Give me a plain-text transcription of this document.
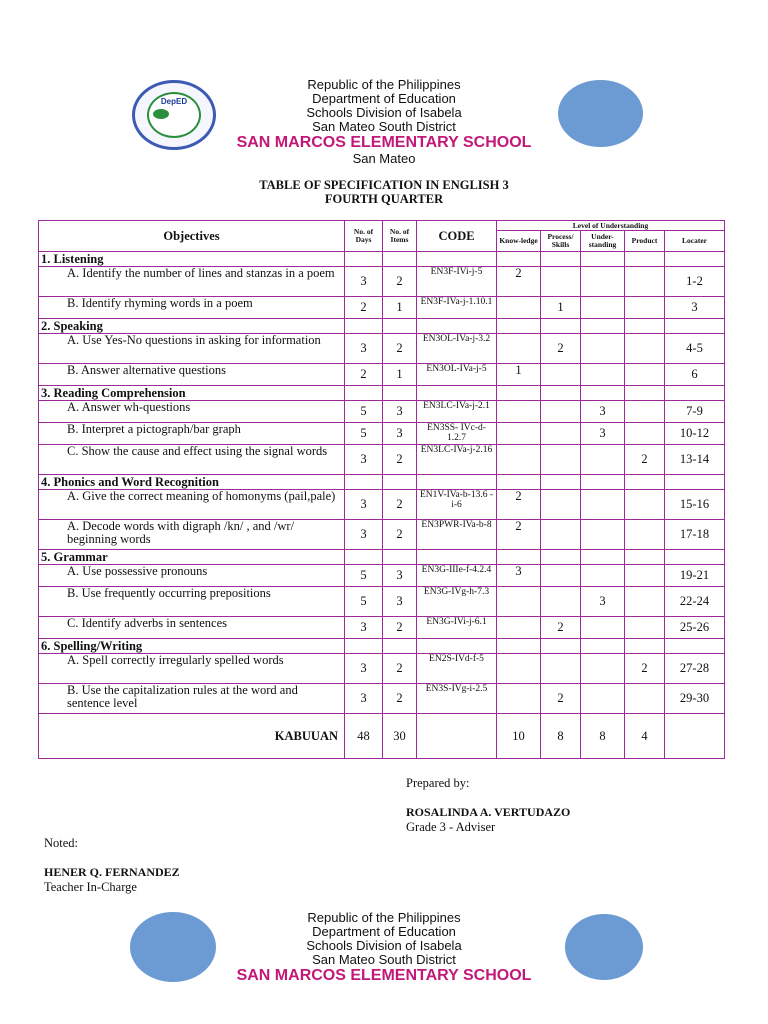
DepED
Republic of the Philippines
Department of Education
Schools Division of Isabela
San Mateo South District
SAN MARCOS ELEMENTARY SCHOOL
San Mateo
TABLE OF SPECIFICATION IN ENGLISH 3
FOURTH QUARTER
Objectives	No. of Days	No. of Items	CODE	Level of Understanding				
				Know-ledge	Process/ Skills	Under-standing	Product	Locater
1. Listening								
A. Identify the number of lines and stanzas in a poem	3	2	EN3F-IVi-j-5	2				1-2
B. Identify rhyming words in a poem	2	1	EN3F-IVa-j-1.10.1		1			3
2. Speaking								
A. Use Yes-No questions in asking for information	3	2	EN3OL-IVa-j-3.2		2			4-5
B. Answer alternative questions	2	1	EN3OL-IVa-j-5	1				6
3. Reading Comprehension								
A. Answer wh-questions	5	3	EN3LC-IVa-j-2.1			3		7-9
B. Interpret a pictograph/bar graph	5	3	EN3SS- IVc-d-1.2.7			3		10-12
C. Show the cause and effect using the signal words	3	2	EN3LC-IVa-j-2.16				2	13-14
4. Phonics and Word Recognition								
A. Give the correct meaning of homonyms (pail,pale)	3	2	EN1V-IVa-b-13.6 -i-6	2				15-16
A. Decode words with digraph /kn/ , and /wr/ beginning words	3	2	EN3PWR-IVa-b-8	2				17-18
5. Grammar								
A. Use possessive pronouns	5	3	EN3G-IIIe-f-4.2.4	3				19-21
B. Use frequently occurring prepositions	5	3	EN3G-IVg-h-7.3			3		22-24
C. Identify adverbs in sentences	3	2	EN3G-IVi-j-6.1		2			25-26
6. Spelling/Writing								
A. Spell correctly irregularly spelled words	3	2	EN2S-IVd-f-5				2	27-28
B. Use the capitalization rules at the word and sentence level	3	2	EN3S-IVg-i-2.5		2			29-30
KABUUAN	48	30		10	8	8	4	
Prepared by:
ROSALINDA A. VERTUDAZO
Grade 3 - Adviser
Noted:
HENER Q. FERNANDEZ
Teacher In-Charge
Republic of the Philippines
Department of Education
Schools Division of Isabela
San Mateo South District
SAN MARCOS ELEMENTARY SCHOOL
